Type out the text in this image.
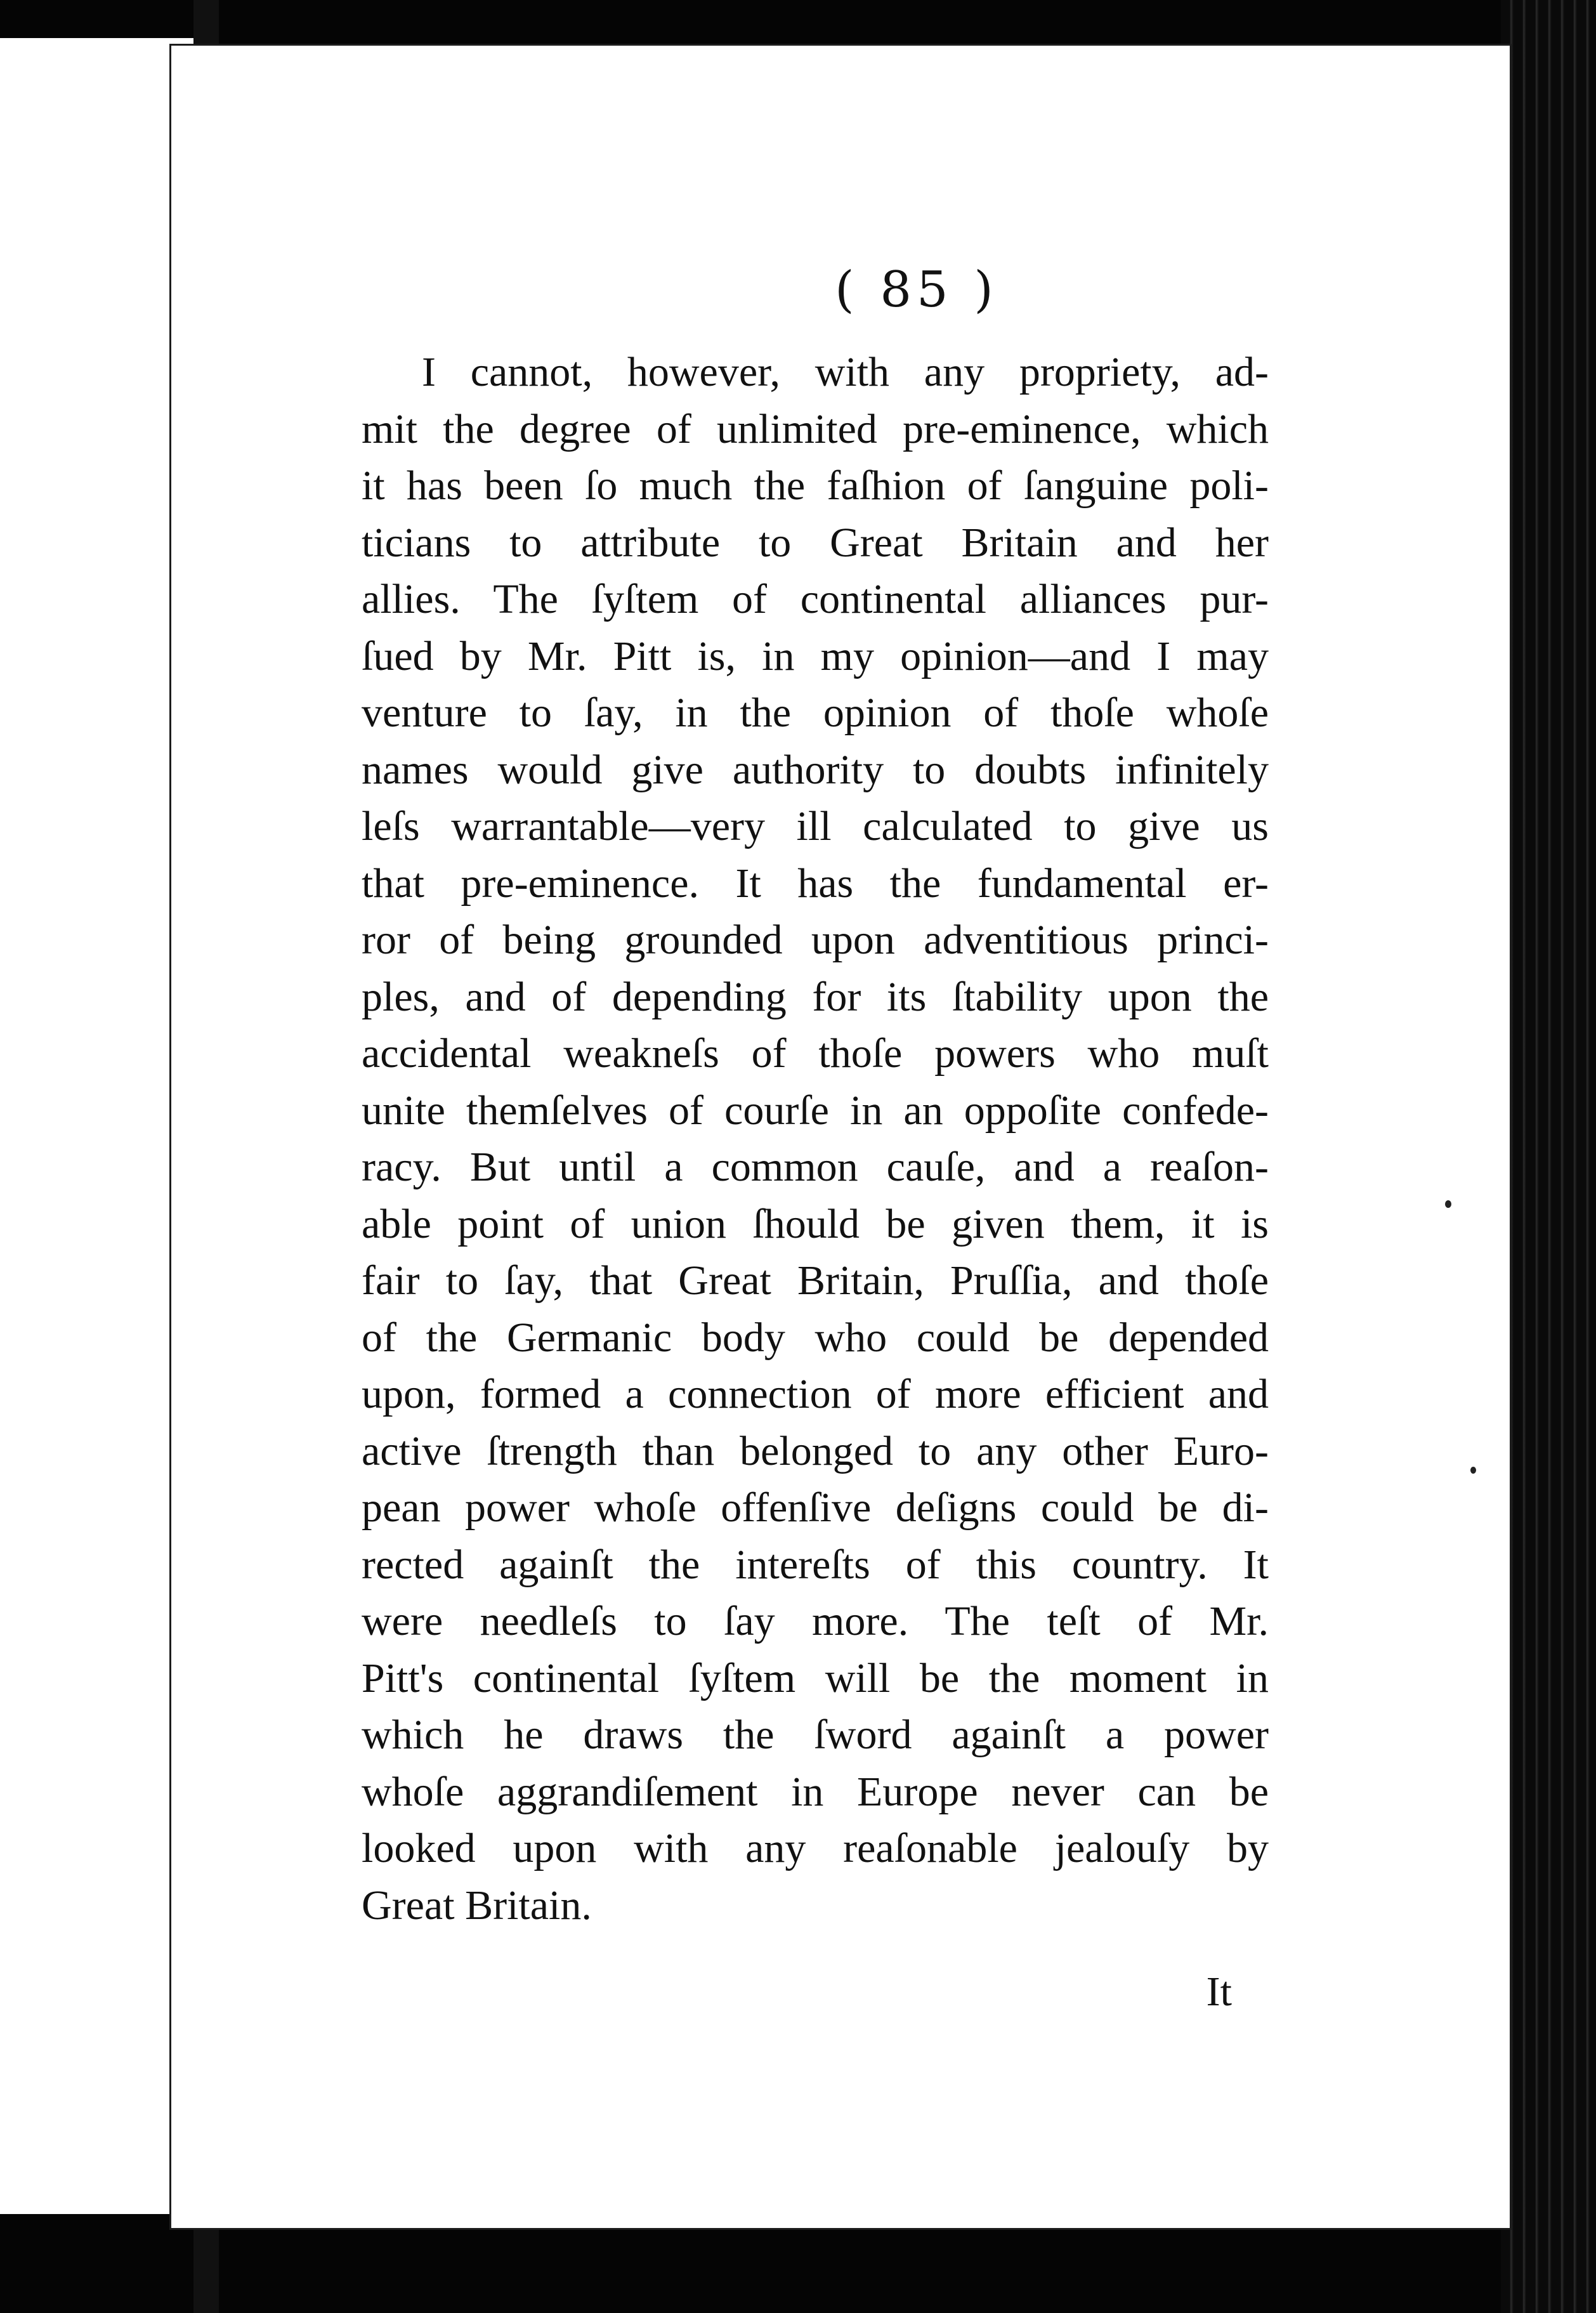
( 85 )
I cannot, however, with any propriety, ad-
mit the degree of unlimited pre-eminence, which
it has been ſo much the faſhion of ſanguine poli-
ticians to attribute to Great Britain and her
allies. The ſyſtem of continental alliances pur-
ſued by Mr. Pitt is, in my opinion—and I may
venture to ſay, in the opinion of thoſe whoſe
names would give authority to doubts infinitely
leſs warrantable—very ill calculated to give us
that pre-eminence. It has the fundamental er-
ror of being grounded upon adventitious princi-
ples, and of depending for its ſtability upon the
accidental weakneſs of thoſe powers who muſt
unite themſelves of courſe in an oppoſite confede-
racy. But until a common cauſe, and a reaſon-
able point of union ſhould be given them, it is
fair to ſay, that Great Britain, Pruſſia, and thoſe
of the Germanic body who could be depended
upon, formed a connection of more efficient and
active ſtrength than belonged to any other Euro-
pean power whoſe offenſive deſigns could be di-
rected againſt the intereſts of this country. It
were needleſs to ſay more. The teſt of Mr.
Pitt's continental ſyſtem will be the moment in
which he draws the ſword againſt a power
whoſe aggrandiſement in Europe never can be
looked upon with any reaſonable jealouſy by
Great Britain.
It
